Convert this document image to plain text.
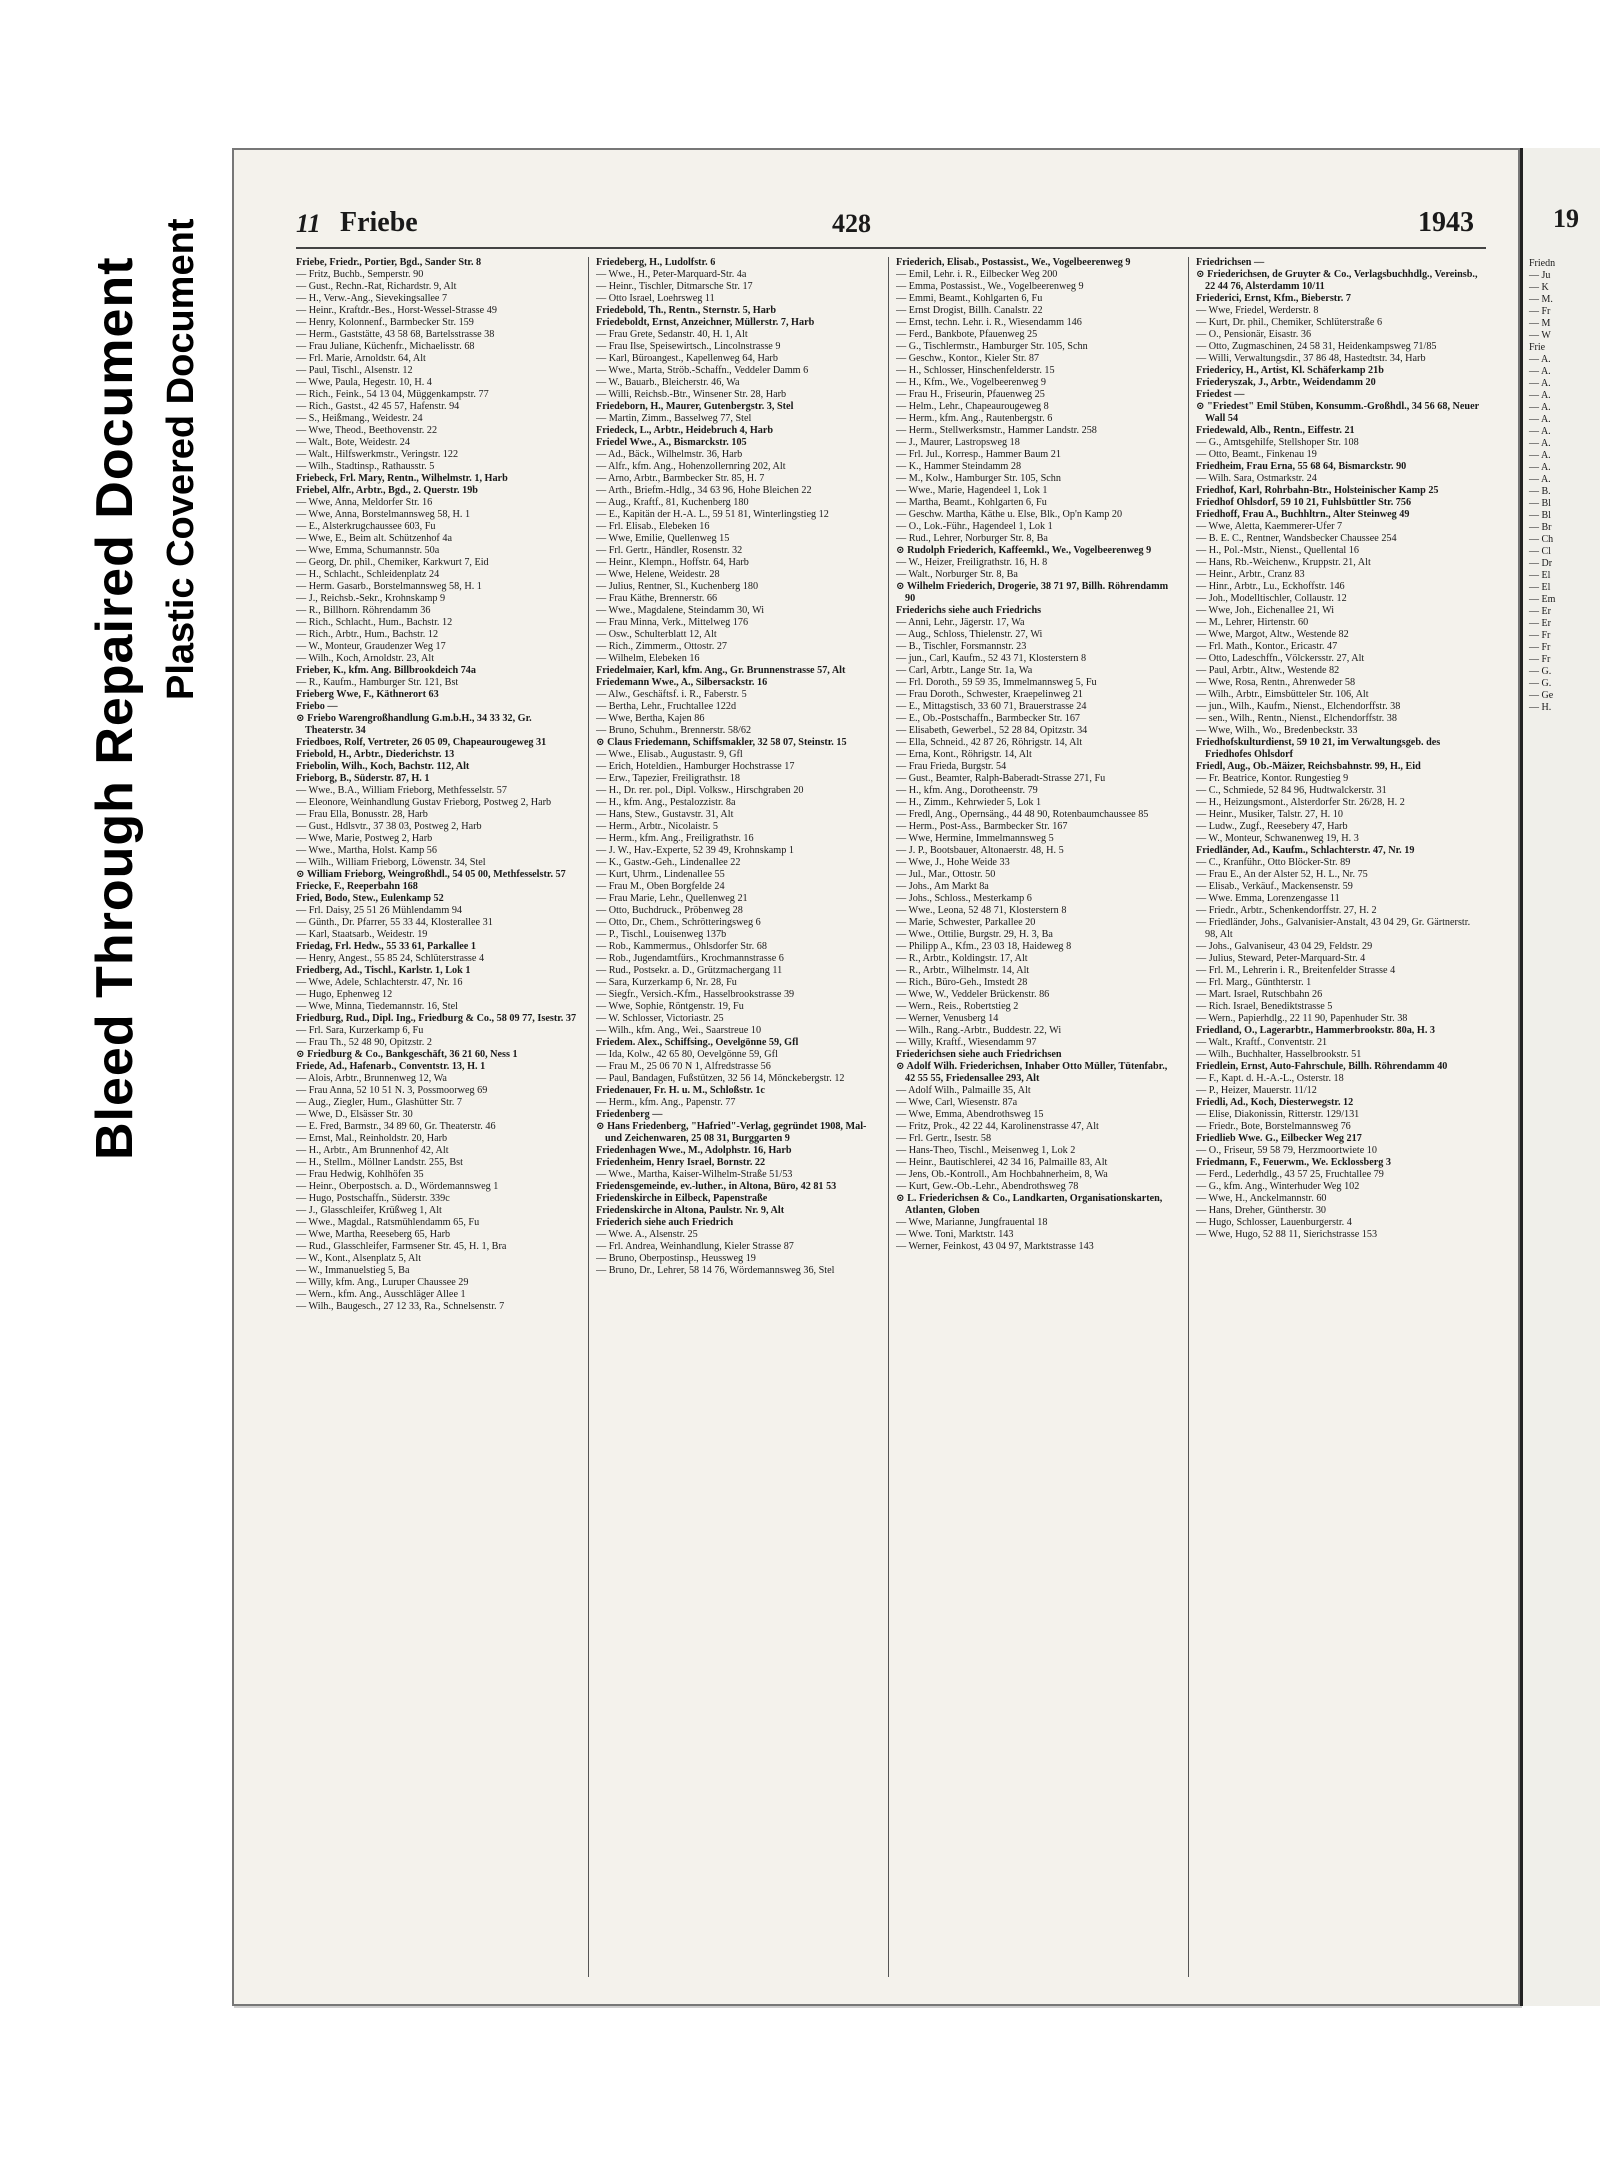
Bleed Through Repaired Document Plastic Covered Document	11 Friebe	428	1943

Friebe, Friedr., Portier, Bgd., Sander Str. 8

— Fritz, Buchb., Semperstr. 90

— Gust., Rechn.-Rat, Richardstr. 9, Alt

— H., Verw.-Ang., Sievekingsallee 7

— Heinr., Kraftdr.-Bes., Horst-Wessel-Strasse 49

— Henry, Kolonnenf., Barmbecker Str. 159

— Herm., Gaststätte, 43 58 68, Bartelsstrasse 38

— Frau Juliane, Küchenfr., Michaelisstr. 68

— Frl. Marie, Arnoldstr. 64, Alt

— Paul, Tischl., Alsenstr. 12

— Wwe, Paula, Hegestr. 10, H. 4

— Rich., Feink., 54 13 04, Müggenkampstr. 77

— Rich., Gastst., 42 45 57, Hafenstr. 94

— S., Heißmang., Weidestr. 24

— Wwe, Theod., Beethovenstr. 22

— Walt., Bote, Weidestr. 24

— Walt., Hilfswerkmstr., Veringstr. 122

— Wilh., Stadtinsp., Rathausstr. 5

Friebeck, Frl. Mary, Rentn., Wilhelmstr. 1, Harb

Friebel, Alfr., Arbtr., Bgd., 2. Querstr. 19b

— Wwe, Anna, Meldorfer Str. 16

— Wwe, Anna, Borstelmannsweg 58, H. 1

— E., Alsterkrugchaussee 603, Fu

— Wwe, E., Beim alt. Schützenhof 4a

— Wwe, Emma, Schumannstr. 50a

— Georg, Dr. phil., Chemiker, Karkwurt 7, Eid

— H., Schlacht., Schleidenplatz 24

— Herm. Gasarb., Borstelmannsweg 58, H. 1

— J., Reichsb.-Sekr., Krohnskamp 9

— R., Billhorn. Röhrendamm 36

— Rich., Schlacht., Hum., Bachstr. 12

— Rich., Arbtr., Hum., Bachstr. 12

— W., Monteur, Graudenzer Weg 17

— Wilh., Koch, Arnoldstr. 23, Alt

Frieber, K., kfm. Ang. Billbrookdeich 74a

— R., Kaufm., Hamburger Str. 121, Bst

Frieberg Wwe, F., Käthnerort 63

Friebo —

⊙ Friebo Warengroßhandlung G.m.b.H., 34 33 32, Gr. Theaterstr. 34

Friedboes, Rolf, Vertreter, 26 05 09, Chapeaurougeweg 31

Friebold, H., Arbtr., Diederichstr. 13

Friebolin, Wilh., Koch, Bachstr. 112, Alt

Frieborg, B., Süderstr. 87, H. 1

— Wwe., B.A., William Frieborg, Methfesselstr. 57

— Eleonore, Weinhandlung Gustav Frieborg, Postweg 2, Harb

— Frau Ella, Bonusstr. 28, Harb

— Gust., Hdlsvtr., 37 38 03, Postweg 2, Harb

— Wwe, Marie, Postweg 2, Harb

— Wwe., Martha, Holst. Kamp 56

— Wilh., William Frieborg, Löwenstr. 34, Stel

⊙ William Frieborg, Weingroßhdl., 54 05 00, Methfesselstr. 57

Friecke, F., Reeperbahn 168

Fried, Bodo, Stew., Eulenkamp 52

— Frl. Daisy, 25 51 26 Mühlendamm 94

— Günth., Dr. Pfarrer, 55 33 44, Klosterallee 31

— Karl, Staatsarb., Weidestr. 19

Friedag, Frl. Hedw., 55 33 61, Parkallee 1

— Henry, Angest., 55 85 24, Schlüterstrasse 4

Friedberg, Ad., Tischl., Karlstr. 1, Lok 1

— Wwe, Adele, Schlachterstr. 47, Nr. 16

— Hugo, Ephenweg 12

— Wwe, Minna, Tiedemannstr. 16, Stel

Friedburg, Rud., Dipl. Ing., Friedburg & Co., 58 09 77, Isestr. 37

— Frl. Sara, Kurzerkamp 6, Fu

— Frau Th., 52 48 90, Opitzstr. 2

⊙ Friedburg & Co., Bankgeschäft, 36 21 60, Ness 1

Friede, Ad., Hafenarb., Conventstr. 13, H. 1

— Alois, Arbtr., Brunnenweg 12, Wa

— Frau Anna, 52 10 51 N. 3, Possmoorweg 69

— Aug., Ziegler, Hum., Glashütter Str. 7

— Wwe, D., Elsässer Str. 30

— E. Fred, Barmstr., 34 89 60, Gr. Theaterstr. 46

— Ernst, Mal., Reinholdstr. 20, Harb

— H., Arbtr., Am Brunnenhof 42, Alt

— H., Stellm., Möllner Landstr. 255, Bst

— Frau Hedwig, Kohlhöfen 35

— Heinr., Oberpostsch. a. D., Wördemannsweg 1

— Hugo, Postschaffn., Süderstr. 339c

— J., Glasschleifer, Krüßweg 1, Alt

— Wwe., Magdal., Ratsmühlendamm 65, Fu

— Wwe, Martha, Reeseberg 65, Harb

— Rud., Glasschleifer, Farmsener Str. 45, H. 1, Bra

— W., Kont., Alsenplatz 5, Alt

— W., Immanuelstieg 5, Ba

— Willy, kfm. Ang., Luruper Chaussee 29

— Wern., kfm. Ang., Ausschläger Allee 1

— Wilh., Baugesch., 27 12 33, Ra., Schnelsenstr. 7

Friedeberg, H., Ludolfstr. 6

— Wwe., H., Peter-Marquard-Str. 4a

— Heinr., Tischler, Ditmarsche Str. 17

— Otto Israel, Loehrsweg 11

Friedebold, Th., Rentn., Sternstr. 5, Harb

Friedeboldt, Ernst, Anzeichner, Müllerstr. 7, Harb

— Frau Grete, Sedanstr. 40, H. 1, Alt

— Frau Ilse, Speisewirtsch., Lincolnstrasse 9

— Karl, Büroangest., Kapellenweg 64, Harb

— Wwe., Marta, Ströb.-Schaffn., Veddeler Damm 6

— W., Bauarb., Bleicherstr. 46, Wa

— Willi, Reichsb.-Btr., Winsener Str. 28, Harb

Friedeborn, H., Maurer, Gutenbergstr. 3, Stel

— Martin, Zimm., Basselweg 77, Stel

Friedeck, L., Arbtr., Heidebruch 4, Harb

Friedel Wwe., A., Bismarckstr. 105

— Ad., Bäck., Wilhelmstr. 36, Harb

— Alfr., kfm. Ang., Hohenzollernring 202, Alt

— Arno, Arbtr., Barmbecker Str. 85, H. 7

— Arth., Briefm.-Hdlg., 34 63 96, Hohe Bleichen 22

— Aug., Kraftf., 81, Kuchenberg 180

— E., Kapitän der H.-A. L., 59 51 81, Winterlingstieg 12

— Frl. Elisab., Elebeken 16

— Wwe, Emilie, Quellenweg 15

— Frl. Gertr., Händler, Rosenstr. 32

— Heinr., Klempn., Hoffstr. 64, Harb

— Wwe, Helene, Weidestr. 28

— Julius, Rentner, Sl., Kuchenberg 180

— Frau Käthe, Brennerstr. 66

— Wwe., Magdalene, Steindamm 30, Wi

— Frau Minna, Verk., Mittelweg 176

— Osw., Schulterblatt 12, Alt

— Rich., Zimmerm., Ottostr. 27

— Wilhelm, Elebeken 16

Friedelmaier, Karl, kfm. Ang., Gr. Brunnenstrasse 57, Alt

Friedemann Wwe., A., Silbersackstr. 16

— Alw., Geschäftsf. i. R., Faberstr. 5

— Bertha, Lehr., Fruchtallee 122d

— Wwe, Bertha, Kajen 86

— Bruno, Schuhm., Brennerstr. 58/62

⊙ Claus Friedemann, Schiffsmakler, 32 58 07, Steinstr. 15

— Wwe., Elisab., Augustastr. 9, Gfl

— Erich, Hoteldien., Hamburger Hochstrasse 17

— Erw., Tapezier, Freiligrathstr. 18

— H., Dr. rer. pol., Dipl. Volksw., Hirschgraben 20

— H., kfm. Ang., Pestalozzistr. 8a

— Hans, Stew., Gustavstr. 31, Alt

— Herm., Arbtr., Nicolaistr. 5

— Herm., kfm. Ang., Freiligrathstr. 16

— J. W., Hav.-Experte, 52 39 49, Krohnskamp 1

— K., Gastw.-Geh., Lindenallee 22

— Kurt, Uhrm., Lindenallee 55

— Frau M., Oben Borgfelde 24

— Frau Marie, Lehr., Quellenweg 21

— Otto, Buchdruck., Pröbenweg 28

— Otto, Dr., Chem., Schrötteringsweg 6

— P., Tischl., Louisenweg 137b

— Rob., Kammermus., Ohlsdorfer Str. 68

— Rob., Jugendamtfürs., Krochmannstrasse 6

— Rud., Postsekr. a. D., Grützmachergang 11

— Sara, Kurzerkamp 6, Nr. 28, Fu

— Siegfr., Versich.-Kfm., Hasselbrookstrasse 39

— Wwe, Sophie, Röntgenstr. 19, Fu

— W. Schlosser, Victoriastr. 25

— Wilh., kfm. Ang., Wei., Saarstreue 10

Friedem. Alex., Schiffsing., Oevelgönne 59, Gfl

— Ida, Kolw., 42 65 80, Oevelgönne 59, Gfl

— Frau M., 25 06 70 N 1, Alfredstrasse 56

— Paul, Bandagen, Fußstützen, 32 56 14, Mönckebergstr. 12

Friedenauer, Fr. H. u. M., Schloßstr. 1c

— Herm., kfm. Ang., Papenstr. 77

Friedenberg —

⊙ Hans Friedenberg, "Hafried"-Verlag, gegründet 1908, Mal- und Zeichenwaren, 25 08 31, Burggarten 9

Friedenhagen Wwe., M., Adolphstr. 16, Harb

Friedenheim, Henry Israel, Bornstr. 22

— Wwe., Martha, Kaiser-Wilhelm-Straße 51/53

Friedensgemeinde, ev.-luther., in Altona, Büro, 42 81 53

Friedenskirche in Eilbeck, Papenstraße

Friedenskirche in Altona, Paulstr. Nr. 9, Alt

Friederich siehe auch Friedrich

— Wwe. A., Alsenstr. 25

— Frl. Andrea, Weinhandlung, Kieler Strasse 87

— Bruno, Oberpostinsp., Heussweg 19

— Bruno, Dr., Lehrer, 58 14 76, Wördemannsweg 36, Stel

Friederich, Elisab., Postassist., We., Vogelbeerenweg 9

— Emil, Lehr. i. R., Eilbecker Weg 200

— Emma, Postassist., We., Vogelbeerenweg 9

— Emmi, Beamt., Kohlgarten 6, Fu

— Ernst Drogist, Billh. Canalstr. 22

— Ernst, techn. Lehr. i. R., Wiesendamm 146

— Ferd., Bankbote, Pfauenweg 25

— G., Tischlermstr., Hamburger Str. 105, Schn

— Geschw., Kontor., Kieler Str. 87

— H., Schlosser, Hinschenfelderstr. 15

— H., Kfm., We., Vogelbeerenweg 9

— Frau H., Friseurin, Pfauenweg 25

— Helm., Lehr., Chapeaurougeweg 8

— Herm., kfm. Ang., Rautenbergstr. 6

— Herm., Stellwerksmstr., Hammer Landstr. 258

— J., Maurer, Lastropsweg 18

— Frl. Jul., Korresp., Hammer Baum 21

— K., Hammer Steindamm 28

— M., Kolw., Hamburger Str. 105, Schn

— Wwe., Marie, Hagendeel 1, Lok 1

— Martha, Beamt., Kohlgarten 6, Fu

— Geschw. Martha, Käthe u. Else, Blk., Op'n Kamp 20

— O., Lok.-Führ., Hagendeel 1, Lok 1

— Rud., Lehrer, Norburger Str. 8, Ba

⊙ Rudolph Friederich, Kaffeemkl., We., Vogelbeerenweg 9

— W., Heizer, Freiligrathstr. 16, H. 8

— Walt., Norburger Str. 8, Ba

⊙ Wilhelm Friederich, Drogerie, 38 71 97, Billh. Röhrendamm 90

Friederichs siehe auch Friedrichs

— Anni, Lehr., Jägerstr. 17, Wa

— Aug., Schloss, Thielenstr. 27, Wi

— B., Tischler, Forsmannstr. 23

— jun., Carl, Kaufm., 52 43 71, Klosterstern 8

— Carl, Arbtr., Lange Str. 1a, Wa

— Frl. Doroth., 59 59 35, Immelmannsweg 5, Fu

— Frau Doroth., Schwester, Kraepelinweg 21

— E., Mittagstisch, 33 60 71, Brauerstrasse 24

— E., Ob.-Postschaffn., Barmbecker Str. 167

— Elisabeth, Gewerbel., 52 28 84, Opitzstr. 34

— Ella, Schneid., 42 87 26, Röhrigstr. 14, Alt

— Erna, Kont., Röhrigstr. 14, Alt

— Frau Frieda, Burgstr. 54

— Gust., Beamter, Ralph-Baberadt-Strasse 271, Fu

— H., kfm. Ang., Dorotheenstr. 79

— H., Zimm., Kehrwieder 5, Lok 1

— Fredl, Ang., Opernsäng., 44 48 90, Rotenbaumchaussee 85

— Herm., Post-Ass., Barmbecker Str. 167

— Wwe, Hermine, Immelmannsweg 5

— J. P., Bootsbauer, Altonaerstr. 48, H. 5

— Wwe, J., Hohe Weide 33

— Jul., Mar., Ottostr. 50

— Johs., Am Markt 8a

— Johs., Schloss., Mesterkamp 6

— Wwe., Leona, 52 48 71, Klosterstern 8

— Marie, Schwester, Parkallee 20

— Wwe., Ottilie, Burgstr. 29, H. 3, Ba

— Philipp A., Kfm., 23 03 18, Haideweg 8

— R., Arbtr., Koldingstr. 17, Alt

— R., Arbtr., Wilhelmstr. 14, Alt

— Rich., Büro-Geh., Imstedt 28

— Wwe, W., Veddeler Brückenstr. 86

— Wern., Reis., Robertstieg 2

— Werner, Venusberg 14

— Wilh., Rang.-Arbtr., Buddestr. 22, Wi

— Willy, Kraftf., Wiesendamm 97

Friederichsen siehe auch Friedrichsen

⊙ Adolf Wilh. Friederichsen, Inhaber Otto Müller, Tütenfabr., 42 55 55, Friedensallee 293, Alt

— Adolf Wilh., Palmaille 35, Alt

— Wwe, Carl, Wiesenstr. 87a

— Wwe, Emma, Abendrothsweg 15

— Fritz, Prok., 42 22 44, Karolinenstrasse 47, Alt

— Frl. Gertr., Isestr. 58

— Hans-Theo, Tischl., Meisenweg 1, Lok 2

— Heinr., Bautischlerei, 42 34 16, Palmaille 83, Alt

— Jens, Ob.-Kontroll., Am Hochbahnerheim, 8, Wa

— Kurt, Gew.-Ob.-Lehr., Abendrothsweg 78

⊙ L. Friederichsen & Co., Landkarten, Organisationskarten, Atlanten, Globen

— Wwe, Marianne, Jungfrauental 18

— Wwe. Toni, Marktstr. 143

— Werner, Feinkost, 43 04 97, Marktstrasse 143

Friedrichsen —

⊙ Friederichsen, de Gruyter & Co., Verlagsbuchhdlg., Vereinsb., 22 44 76, Alsterdamm 10/11

Friederici, Ernst, Kfm., Bieberstr. 7

— Wwe, Friedel, Werderstr. 8

— Kurt, Dr. phil., Chemiker, Schlüterstraße 6

— O., Pensionär, Eisastr. 36

— Otto, Zugmaschinen, 24 58 31, Heidenkampsweg 71/85

— Willi, Verwaltungsdir., 37 86 48, Hastedtstr. 34, Harb

Friedericy, H., Artist, Kl. Schäferkamp 21b

Friederyszak, J., Arbtr., Weidendamm 20

Friedest —

⊙ "Friedest" Emil Stüben, Konsumm.-Großhdl., 34 56 68, Neuer Wall 54

Friedewald, Alb., Rentn., Eiffestr. 21

— G., Amtsgehilfe, Stellshoper Str. 108

— Otto, Beamt., Finkenau 19

Friedheim, Frau Erna, 55 68 64, Bismarckstr. 90

— Wilh. Sara, Ostmarkstr. 24

Friedhof, Karl, Rohrbahn-Btr., Holsteinischer Kamp 25

Friedhof Ohlsdorf, 59 10 21, Fuhlsbüttler Str. 756

Friedhoff, Frau A., Buchhltrn., Alter Steinweg 49

— Wwe, Aletta, Kaemmerer-Ufer 7

— B. E. C., Rentner, Wandsbecker Chaussee 254

— H., Pol.-Mstr., Nienst., Quellental 16

— Hans, Rb.-Weichenw., Kruppstr. 21, Alt

— Heinr., Arbtr., Cranz 83

— Hinr., Arbtr., Lu., Eckhoffstr. 146

— Joh., Modelltischler, Collaustr. 12

— Wwe, Joh., Eichenallee 21, Wi

— M., Lehrer, Hirtenstr. 60

— Wwe, Margot, Altw., Westende 82

— Frl. Math., Kontor., Ericastr. 47

— Otto, Ladeschffn., Völckersstr. 27, Alt

— Paul, Arbtr., Altw., Westende 82

— Wwe, Rosa, Rentn., Ahrenweder 58

— Wilh., Arbtr., Eimsbütteler Str. 106, Alt

— jun., Wilh., Kaufm., Nienst., Elchendorffstr. 38

— sen., Wilh., Rentn., Nienst., Elchendorffstr. 38

— Wwe, Wilh., Wo., Bredenbeckstr. 33

Friedhofskulturdienst, 59 10 21, im Verwaltungsgeb. des Friedhofes Ohlsdorf

Friedl, Aug., Ob.-Mäizer, Reichsbahnstr. 99, H., Eid

— Fr. Beatrice, Kontor. Rungestieg 9

— C., Schmiede, 52 84 96, Hudtwalckerstr. 31

— H., Heizungsmont., Alsterdorfer Str. 26/28, H. 2

— Heinr., Musiker, Talstr. 27, H. 10

— Ludw., Zugf., Reesebery 47, Harb

— W., Monteur, Schwanenweg 19, H. 3

Friedländer, Ad., Kaufm., Schlachterstr. 47, Nr. 19

— C., Kranführ., Otto Blöcker-Str. 89

— Frau E., An der Alster 52, H. L., Nr. 75

— Elisab., Verkäuf., Mackensenstr. 59

— Wwe. Emma, Lorenzengasse 11

— Friedr., Arbtr., Schenkendorffstr. 27, H. 2

— Friedländer, Johs., Galvanisier-Anstalt, 43 04 29, Gr. Gärtnerstr. 98, Alt

— Johs., Galvaniseur, 43 04 29, Feldstr. 29

— Julius, Steward, Peter-Marquard-Str. 4

— Frl. M., Lehrerin i. R., Breitenfelder Strasse 4

— Frl. Marg., Günthterstr. 1

— Mart. Israel, Rutschbahn 26

— Rich. Israel, Benediktstrasse 5

— Wern., Papierhdlg., 22 11 90, Papenhuder Str. 38

Friedland, O., Lagerarbtr., Hammerbrookstr. 80a, H. 3

— Walt., Kraftf., Conventstr. 21

— Wilh., Buchhalter, Hasselbrookstr. 51

Friedlein, Ernst, Auto-Fahrschule, Billh. Röhrendamm 40

— F., Kapt. d. H.-A.-L., Osterstr. 18

— P., Heizer, Mauerstr. 11/12

Friedli, Ad., Koch, Diesterwegstr. 12

— Elise, Diakonissin, Ritterstr. 129/131

— Friedr., Bote, Borstelmannsweg 76

Friedlieb Wwe. G., Eilbecker Weg 217

— O., Friseur, 59 58 79, Herzmoortwiete 10

Friedmann, F., Feuerwm., We. Ecklossberg 3

— Ferd., Lederhdlg., 43 57 25, Fruchtallee 79

— G., kfm. Ang., Winterhuder Weg 102

— Wwe, H., Anckelmannstr. 60

— Hans, Dreher, Güntherstr. 30

— Hugo, Schlosser, Lauenburgerstr. 4

— Wwe, Hugo, 52 88 11, Sierichstrasse 153

19
Friedn
— Ju
— K
— M.
— Fr
— M
— W
Frie
— A.
— A.
— A.
— A.
— A.
— A.
— A.
— A.
— A.
— A.
— A.
— B.
— Bl
— Bl
— Br
— Ch
— Cl
— Dr
— El
— El
— Em
— Er
— Er
— Fr
— Fr
— Fr
— G.
— G.
— Ge
— H.
